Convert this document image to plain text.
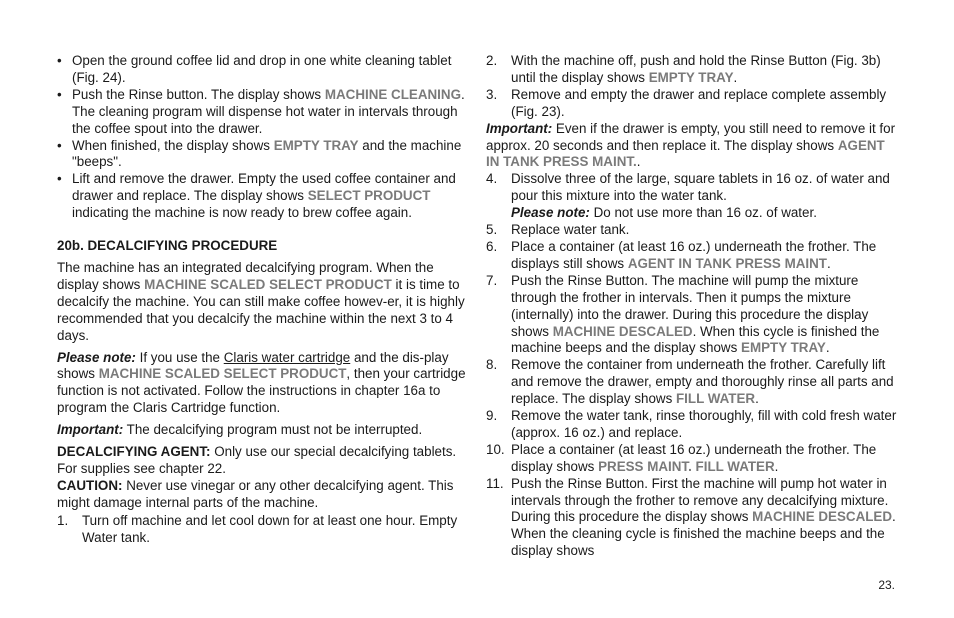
• Open the ground coffee lid and drop in one white cleaning tablet (Fig. 24).
• Push the Rinse button. The display shows MACHINE CLEANING. The cleaning program will dispense hot water in intervals through the coffee spout into the drawer.
• When finished, the display shows EMPTY TRAY and the machine "beeps".
• Lift and remove the drawer. Empty the used coffee container and drawer and replace. The display shows SELECT PRODUCT indicating the machine is now ready to brew coffee again.
20b. DECALCIFYING PROCEDURE
The machine has an integrated decalcifying program. When the display shows MACHINE SCALED SELECT PRODUCT it is time to decalcify the machine. You can still make coffee howev-er, it is highly recommended that you decalcify the machine within the next 3 to 4 days.
Please note: If you use the Claris water cartridge and the dis-play shows MACHINE SCALED SELECT PRODUCT, then your cartridge function is not activated. Follow the instructions in chapter 16a to program the Claris Cartridge function.
Important: The decalcifying program must not be interrupted.
DECALCIFYING AGENT: Only use our special decalcifying tablets. For supplies see chapter 22.
CAUTION: Never use vinegar or any other decalcifying agent. This might damage internal parts of the machine.
1. Turn off machine and let cool down for at least one hour. Empty Water tank.
2. With the machine off, push and hold the Rinse Button (Fig. 3b) until the display shows EMPTY TRAY.
3. Remove and empty the drawer and replace complete assembly (Fig. 23).
Important: Even if the drawer is empty, you still need to remove it for approx. 20 seconds and then replace it. The display shows AGENT IN TANK PRESS MAINT..
4. Dissolve three of the large, square tablets in 16 oz. of water and pour this mixture into the water tank.
Please note: Do not use more than 16 oz. of water.
5. Replace water tank.
6. Place a container (at least 16 oz.) underneath the frother. The displays still shows AGENT IN TANK PRESS MAINT.
7. Push the Rinse Button. The machine will pump the mixture through the frother in intervals. Then it pumps the mixture (internally) into the drawer. During this procedure the display shows MACHINE DESCALED. When this cycle is finished the machine beeps and the display shows EMPTY TRAY.
8. Remove the container from underneath the frother. Carefully lift and remove the drawer, empty and thoroughly rinse all parts and replace. The display shows FILL WATER.
9. Remove the water tank, rinse thoroughly, fill with cold fresh water (approx. 16 oz.) and replace.
10. Place a container (at least 16 oz.) underneath the frother. The display shows PRESS MAINT. FILL WATER.
11. Push the Rinse Button. First the machine will pump hot water in intervals through the frother to remove any decalcifying mixture. During this procedure the display shows MACHINE DESCALED. When the cleaning cycle is finished the machine beeps and the display shows
23.
